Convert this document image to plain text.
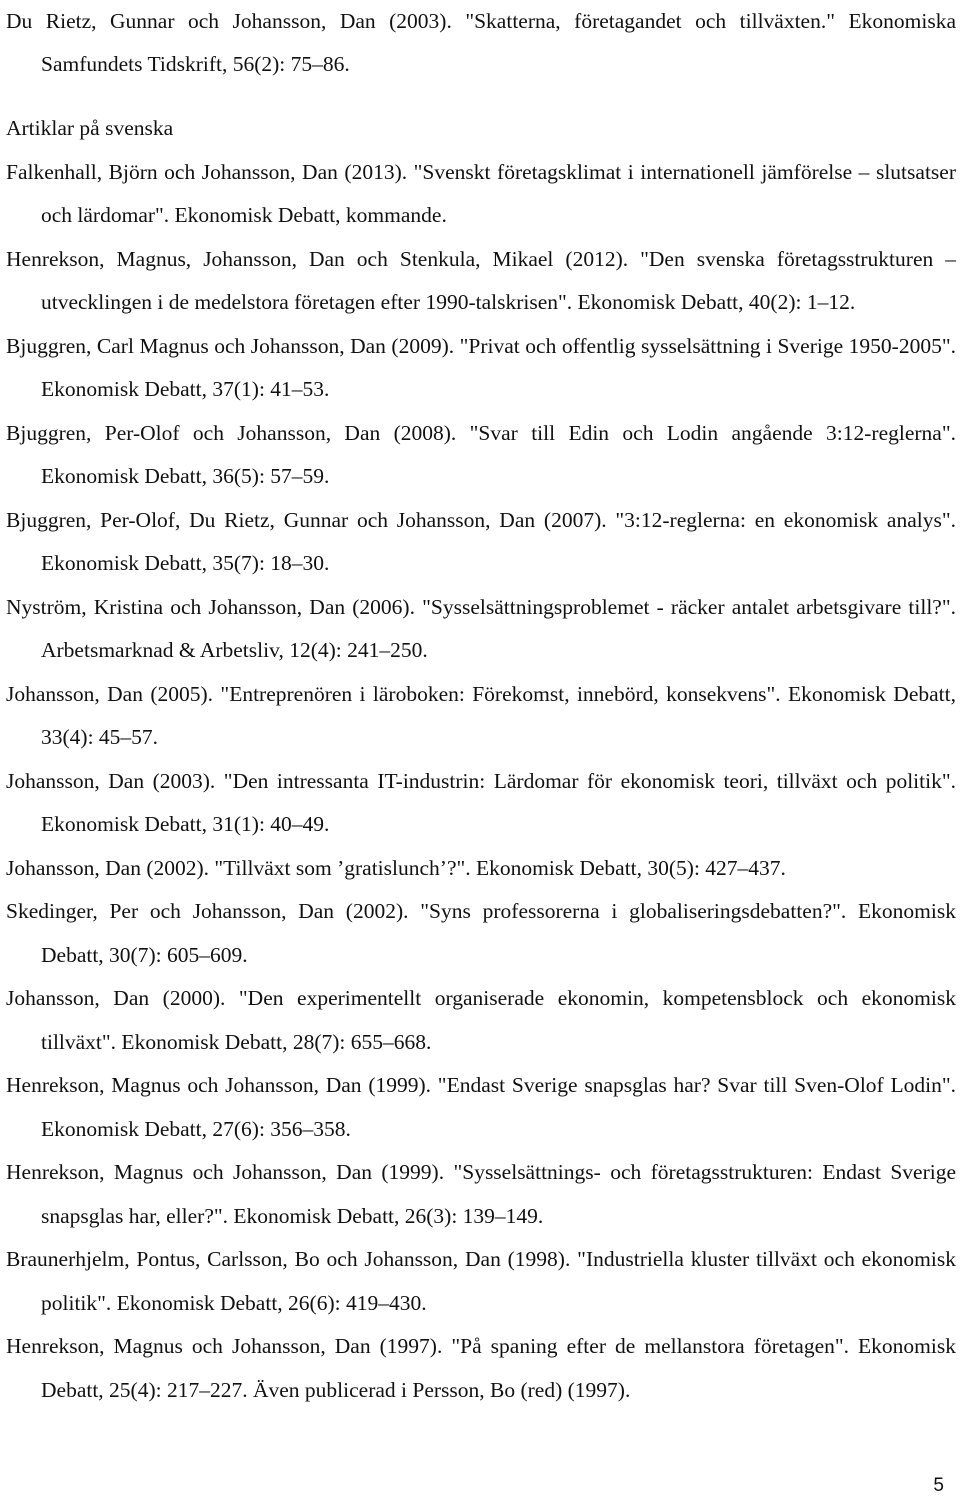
Du Rietz, Gunnar och Johansson, Dan (2003). "Skatterna, företagandet och tillväxten." Ekonomiska Samfundets Tidskrift, 56(2): 75–86.

Artiklar på svenska

Falkenhall, Björn och Johansson, Dan (2013). "Svenskt företagsklimat i internationell jämförelse – slutsatser och lärdomar". Ekonomisk Debatt, kommande.

Henrekson, Magnus, Johansson, Dan och Stenkula, Mikael (2012). "Den svenska företagsstrukturen – utvecklingen i de medelstora företagen efter 1990-talskrisen". Ekonomisk Debatt, 40(2): 1–12.

Bjuggren, Carl Magnus och Johansson, Dan (2009). "Privat och offentlig sysselsättning i Sverige 1950-2005". Ekonomisk Debatt, 37(1): 41–53.

Bjuggren, Per-Olof och Johansson, Dan (2008). "Svar till Edin och Lodin angående 3:12-reglerna". Ekonomisk Debatt, 36(5): 57–59.

Bjuggren, Per-Olof, Du Rietz, Gunnar och Johansson, Dan (2007). "3:12-reglerna: en ekonomisk analys". Ekonomisk Debatt, 35(7): 18–30.

Nyström, Kristina och Johansson, Dan (2006). "Sysselsättningsproblemet - räcker antalet arbetsgivare till?". Arbetsmarknad & Arbetsliv, 12(4): 241–250.

Johansson, Dan (2005). "Entreprenören i läroboken: Förekomst, innebörd, konsekvens". Ekonomisk Debatt, 33(4): 45–57.

Johansson, Dan (2003). "Den intressanta IT-industrin: Lärdomar för ekonomisk teori, tillväxt och politik". Ekonomisk Debatt, 31(1): 40–49.

Johansson, Dan (2002). "Tillväxt som ’gratislunch’?". Ekonomisk Debatt, 30(5): 427–437.

Skedinger, Per och Johansson, Dan (2002). "Syns professorerna i globaliseringsdebatten?". Ekonomisk Debatt, 30(7): 605–609.

Johansson, Dan (2000). "Den experimentellt organiserade ekonomin, kompetensblock och ekonomisk tillväxt". Ekonomisk Debatt, 28(7): 655–668.

Henrekson, Magnus och Johansson, Dan (1999). "Endast Sverige snapsglas har? Svar till Sven-Olof Lodin". Ekonomisk Debatt, 27(6): 356–358.

Henrekson, Magnus och Johansson, Dan (1999). "Sysselsättnings- och företagsstrukturen: Endast Sverige snapsglas har, eller?". Ekonomisk Debatt, 26(3): 139–149.

Braunerhjelm, Pontus, Carlsson, Bo och Johansson, Dan (1998). "Industriella kluster tillväxt och ekonomisk politik". Ekonomisk Debatt, 26(6): 419–430.

Henrekson, Magnus och Johansson, Dan (1997). "På spaning efter de mellanstora företagen". Ekonomisk Debatt, 25(4): 217–227. Även publicerad i Persson, Bo (red) (1997).

5
